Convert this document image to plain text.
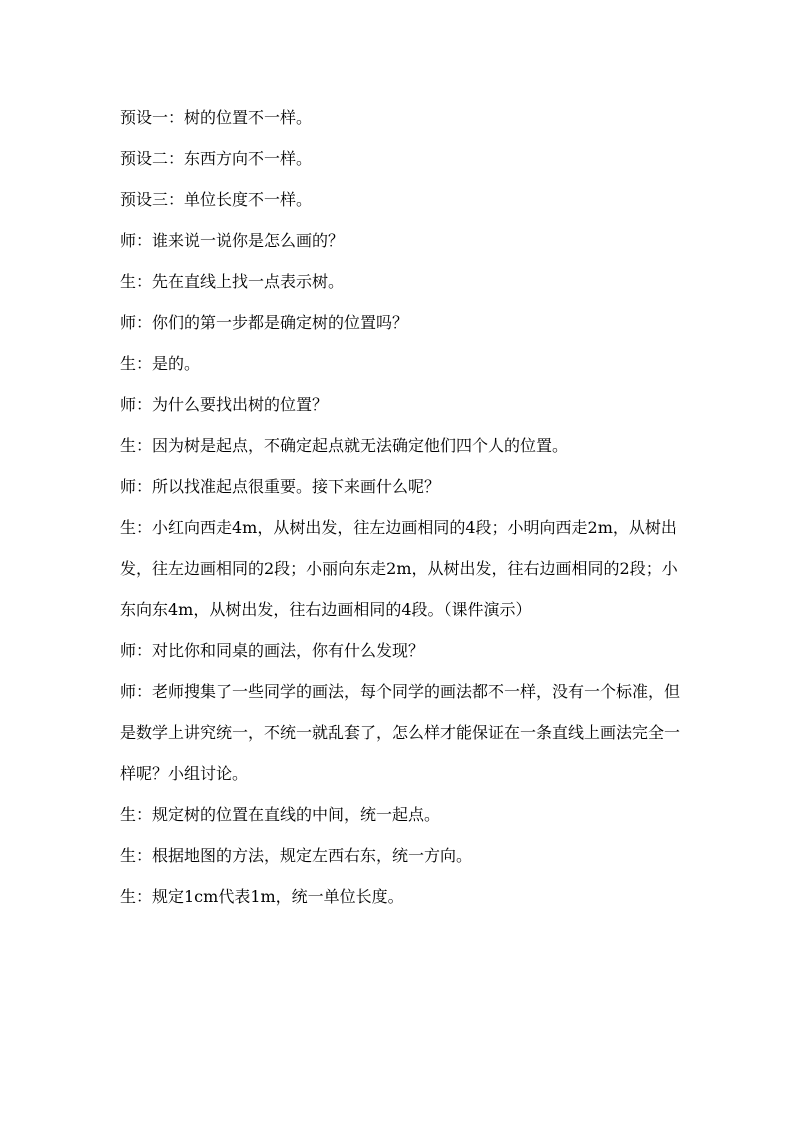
预设一：树的位置不一样。

预设二：东西方向不一样。

预设三：单位长度不一样。

师：谁来说一说你是怎么画的？

生：先在直线上找一点表示树。

师：你们的第一步都是确定树的位置吗？

生：是的。

师：为什么要找出树的位置？

生：因为树是起点，不确定起点就无法确定他们四个人的位置。

师：所以找准起点很重要。接下来画什么呢？

生：小红向西走4m，从树出发，往左边画相同的4段；小明向西走2m，从树出发，往左边画相同的2段；小丽向东走2m，从树出发，往右边画相同的2段；小东向东4m，从树出发，往右边画相同的4段。（课件演示）

师：对比你和同桌的画法，你有什么发现？

师：老师搜集了一些同学的画法，每个同学的画法都不一样，没有一个标准，但是数学上讲究统一，不统一就乱套了，怎么样才能保证在一条直线上画法完全一样呢？小组讨论。

生：规定树的位置在直线的中间，统一起点。

生：根据地图的方法，规定左西右东，统一方向。

生：规定1cm代表1m，统一单位长度。
